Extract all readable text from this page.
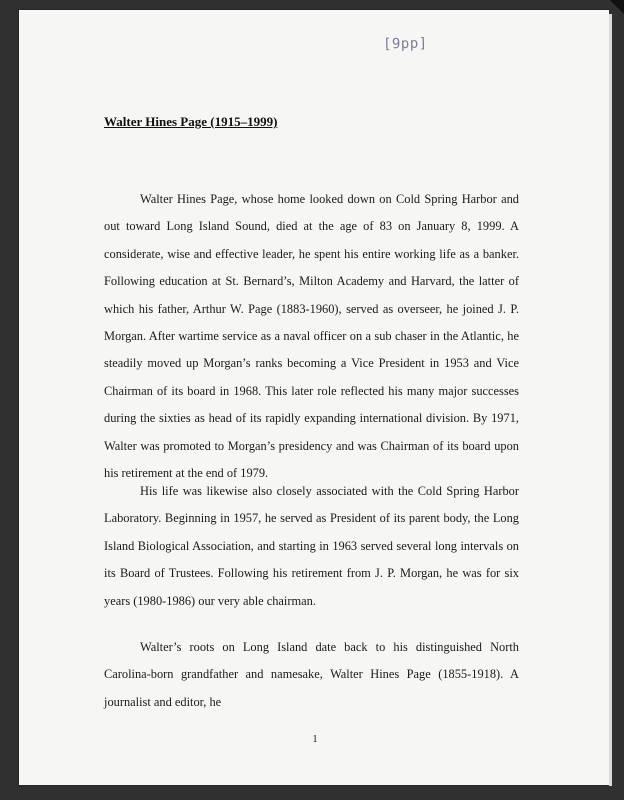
[9pp]
Walter Hines Page (1915–1999)

Walter Hines Page, whose home looked down on Cold Spring Harbor and out toward Long Island Sound, died at the age of 83 on January 8, 1999. A considerate, wise and effective leader, he spent his entire working life as a banker. Following education at St. Bernard’s, Milton Academy and Harvard, the latter of which his father, Arthur W. Page (1883-1960), served as overseer, he joined J. P. Morgan. After wartime service as a naval officer on a sub chaser in the Atlantic, he steadily moved up Morgan’s ranks becoming a Vice President in 1953 and Vice Chairman of its board in 1968. This later role reflected his many major successes during the sixties as head of its rapidly expanding international division. By 1971, Walter was promoted to Morgan’s presidency and was Chairman of its board upon his retirement at the end of 1979.

His life was likewise also closely associated with the Cold Spring Harbor Laboratory. Beginning in 1957, he served as President of its parent body, the Long Island Biological Association, and starting in 1963 served several long intervals on its Board of Trustees. Following his retirement from J. P. Morgan, he was for six years (1980-1986) our very able chairman.

Walter’s roots on Long Island date back to his distinguished North Carolina-born grandfather and namesake, Walter Hines Page (1855-1918). A journalist and editor, he

1
